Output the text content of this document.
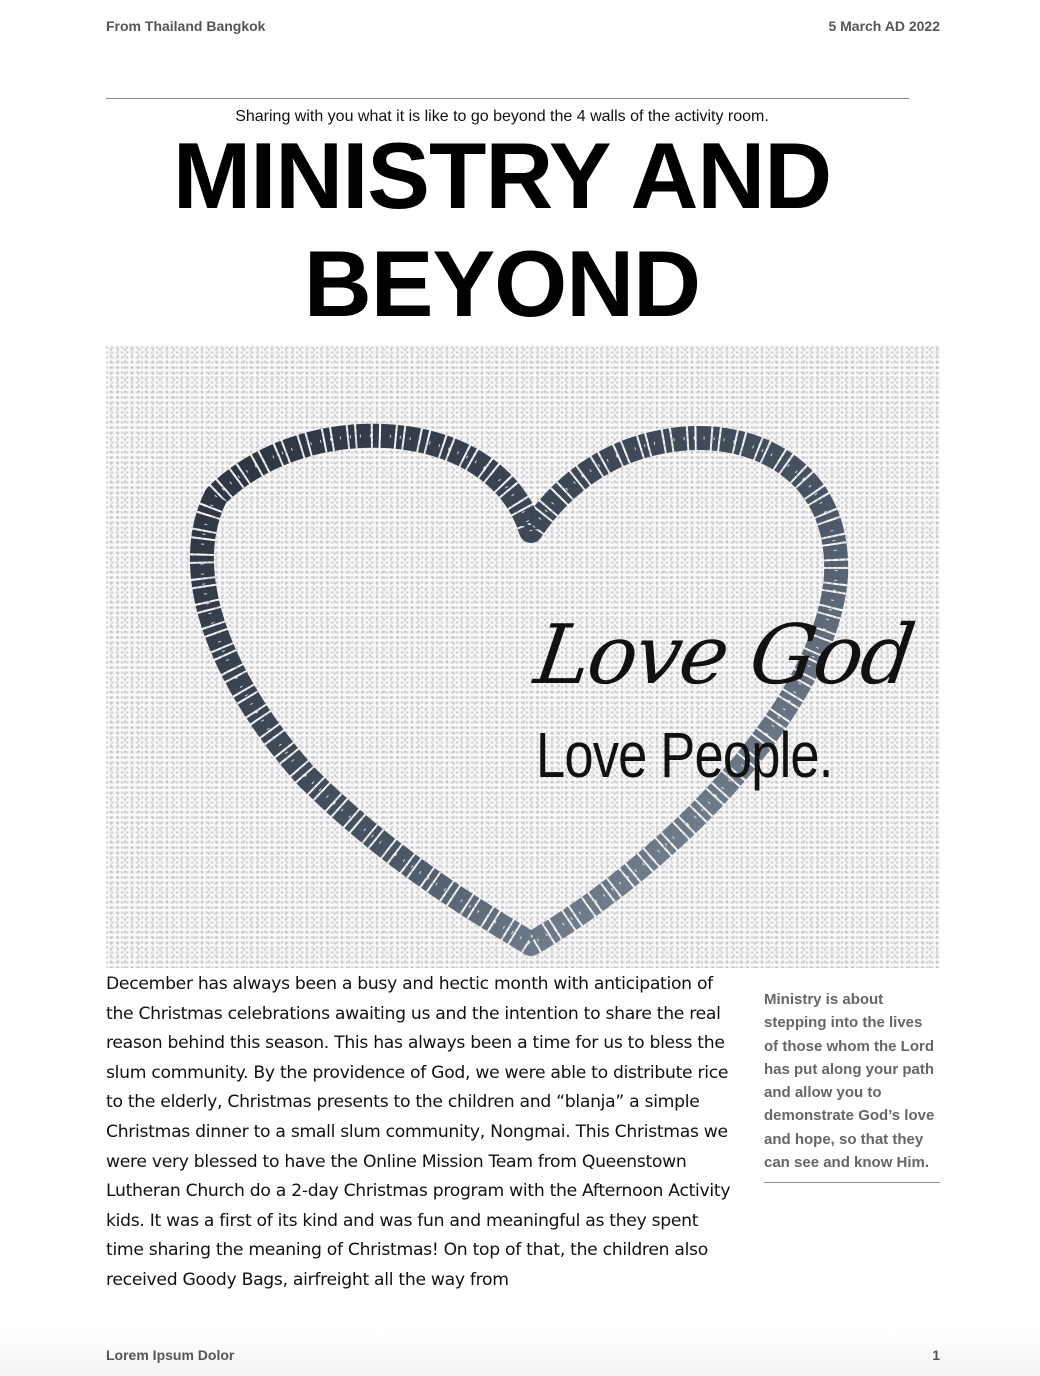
From Thailand Bangkok	5 March AD 2022
Sharing with you what it is like to go beyond the 4 walls of the activity room.
MINISTRY AND BEYOND
Love God
Love People.

December has always been a busy and hectic month with anticipation of the Christmas celebrations awaiting us and the intention to share the real reason behind this season. This has always been a time for us to bless the slum community. By the providence of God, we were able to distribute rice to the elderly, Christmas presents to the children and “blanja” a simple Christmas dinner to a small slum community, Nongmai. This Christmas we were very blessed to have the Online Mission Team from Queenstown Lutheran Church do a 2-day Christmas program with the Afternoon Activity kids. It was a first of its kind and was fun and meaningful as they spent time sharing the meaning of Christmas! On top of that, the children also received Goody Bags, airfreight all the way from

Ministry is about stepping into the lives of those whom the Lord has put along your path and allow you to demonstrate God’s love and hope, so that they can see and know Him.
Lorem Ipsum Dolor	1
